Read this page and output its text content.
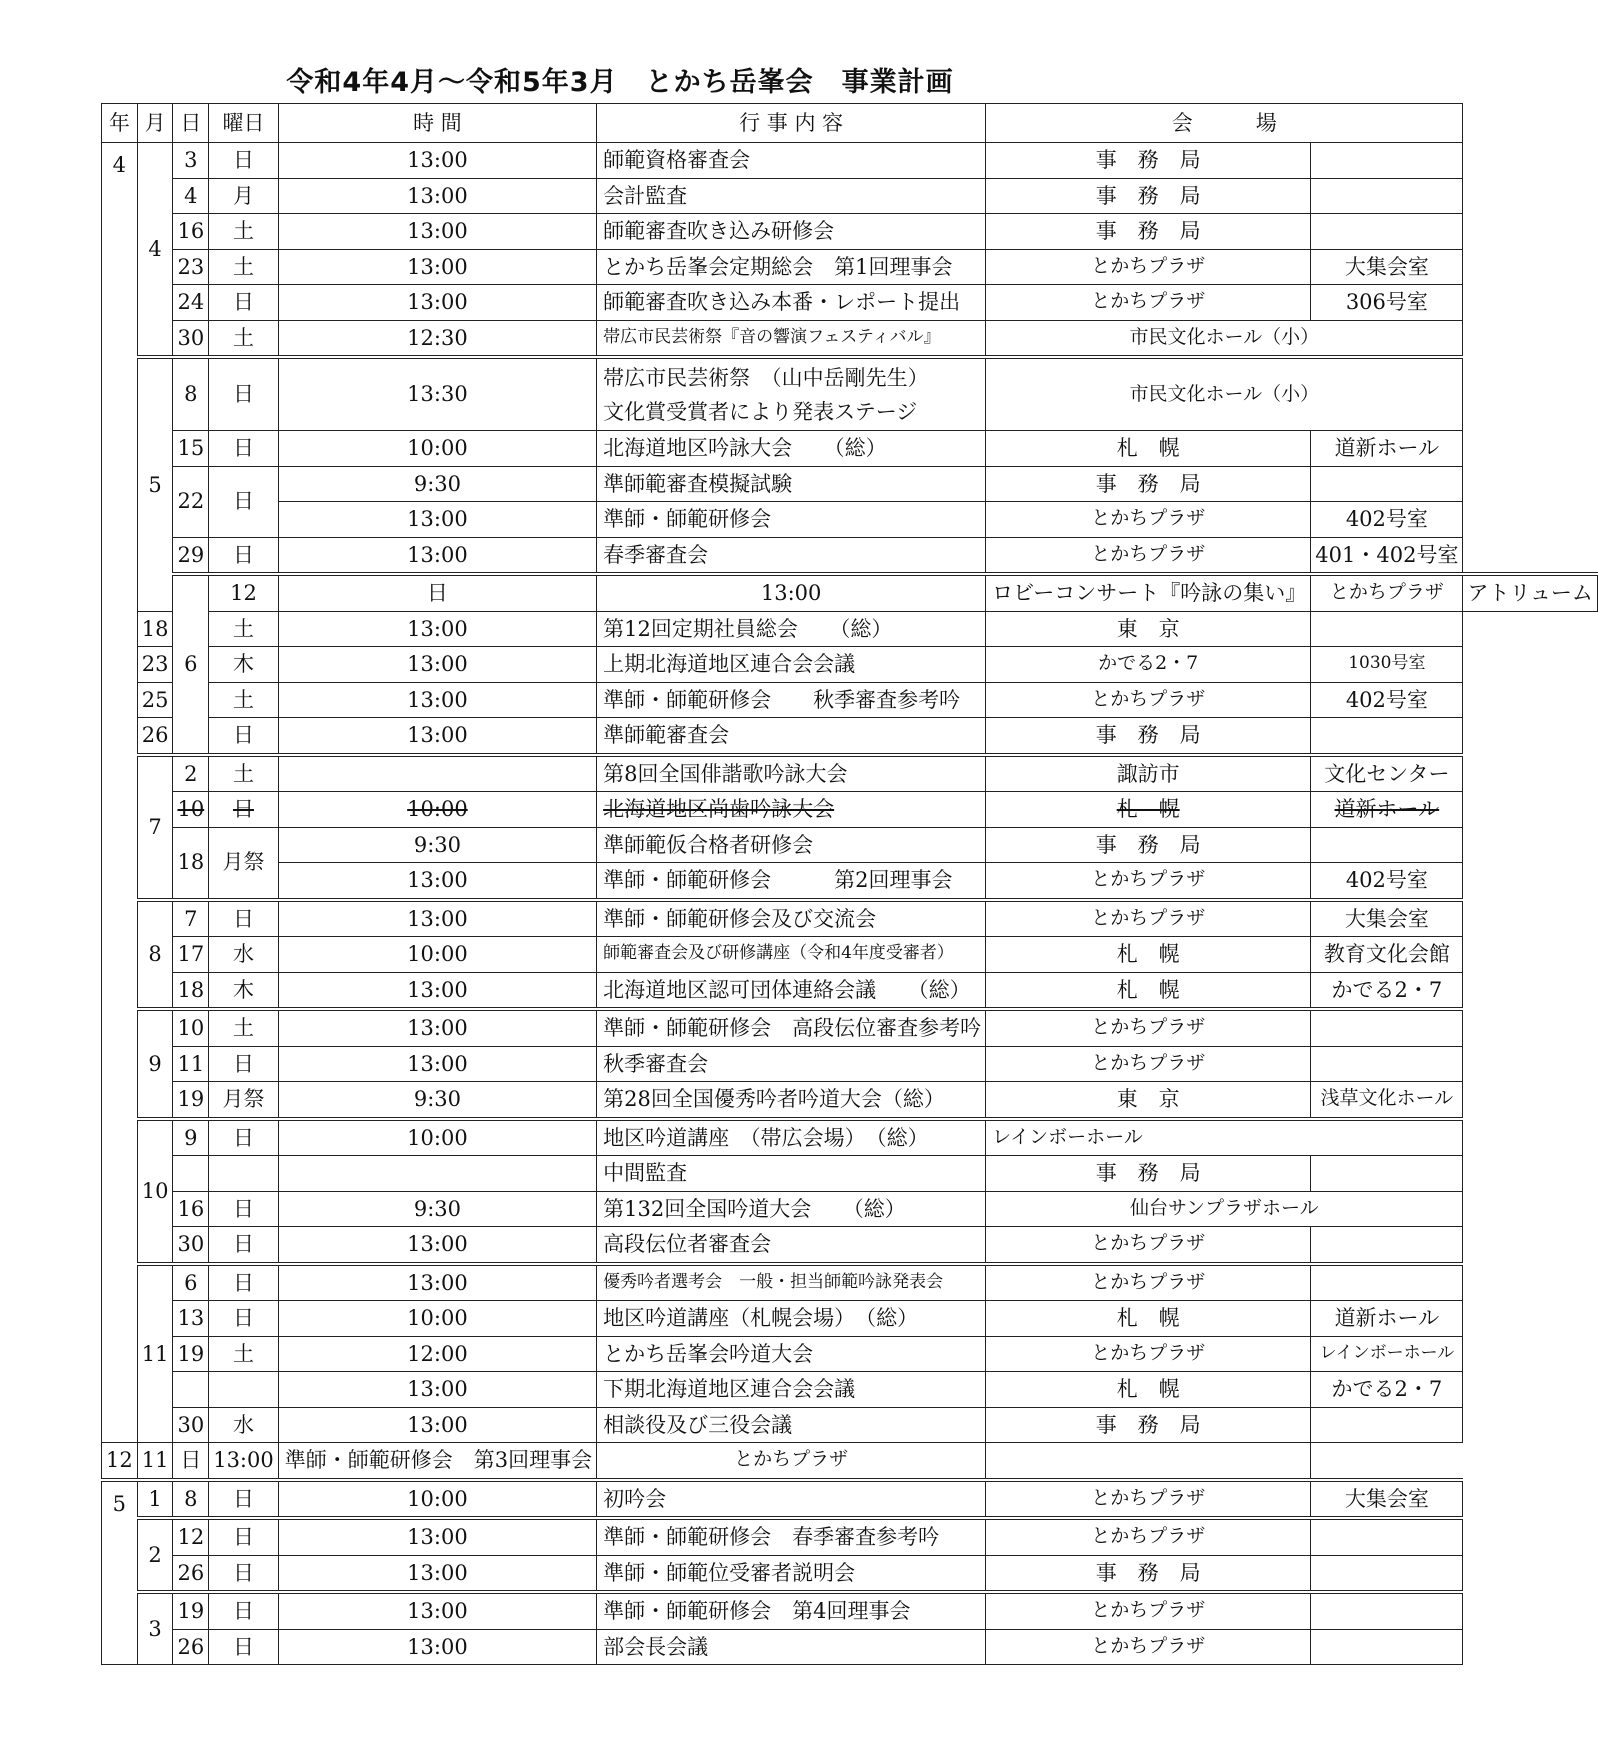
令和4年4月～令和5年3月　とかち岳峯会　事業計画
年	月	日	曜日	時 間	行 事 内 容	会　　　場		
4	4	3	日	13:00	師範資格審査会	事　務　局		
		4	月	13:00	会計監査	事　務　局		
		16	土	13:00	師範審査吹き込み研修会	事　務　局		
		23	土	13:00	とかち岳峯会定期総会　第1回理事会	とかちプラザ	大集会室	
		24	日	13:00	師範審査吹き込み本番・レポート提出	とかちプラザ	306号室	
		30	土	12:30	帯広市民芸術祭『音の響演フェスティバル』	市民文化ホール（小）		
	5	8	日	13:30	帯広市民芸術祭　（山中岳剛先生）
文化賞受賞者により発表ステージ	市民文化ホール（小）		
		15	日	10:00	北海道地区吟詠大会　　（総）	札　幌	道新ホール	
		22	日	9:30	準師範審査模擬試験	事　務　局		
				13:00	準師・師範研修会	とかちプラザ	402号室	
		29	日	13:00	春季審査会	とかちプラザ	401・402号室	
		6	12	日	13:00	ロビーコンサート『吟詠の集い』	とかちプラザ	アトリューム
	18		土	13:00	第12回定期社員総会　　（総）	東　京		
	23		木	13:00	上期北海道地区連合会会議	かでる2・7	1030号室	
	25		土	13:00	準師・師範研修会　　秋季審査参考吟	とかちプラザ	402号室	
	26		日	13:00	準師範審査会	事　務　局		
	7	2	土		第8回全国俳諧歌吟詠大会	諏訪市	文化センター	
		10	日	10:00	北海道地区尚歯吟詠大会	札　幌	道新ホール	
		18	月祭	9:30	準師範仮合格者研修会	事　務　局		
				13:00	準師・師範研修会　　　第2回理事会	とかちプラザ	402号室	
	8	7	日	13:00	準師・師範研修会及び交流会	とかちプラザ	大集会室	
		17	水	10:00	師範審査会及び研修講座（令和4年度受審者）	札　幌	教育文化会館	
		18	木	13:00	北海道地区認可団体連絡会議　　（総）	札　幌	かでる2・7	
	9	10	土	13:00	準師・師範研修会　高段伝位審査参考吟	とかちプラザ		
		11	日	13:00	秋季審査会	とかちプラザ		
		19	月祭	9:30	第28回全国優秀吟者吟道大会（総）	東　京	浅草文化ホール	
	10	9	日	10:00	地区吟道講座　（帯広会場）　（総）	レインボーホール		
					中間監査	事　務　局		
		16	日	9:30	第132回全国吟道大会　　（総）	仙台サンプラザホール		
		30	日	13:00	高段伝位者審査会	とかちプラザ		
	11	6	日	13:00	優秀吟者選考会　一般・担当師範吟詠発表会	とかちプラザ		
		13	日	10:00	地区吟道講座（札幌会場）　（総）	札　幌	道新ホール	
		19	土	12:00	とかち岳峯会吟道大会	とかちプラザ	レインボーホール	
				13:00	下期北海道地区連合会会議	札　幌	かでる2・7	
		30	水	13:00	相談役及び三役会議	事　務　局		
12	11	日	13:00	準師・師範研修会　第3回理事会	とかちプラザ			
5	1	8	日	10:00	初吟会	とかちプラザ	大集会室	
	2	12	日	13:00	準師・師範研修会　春季審査参考吟	とかちプラザ		
		26	日	13:00	準師・師範位受審者説明会	事　務　局		
	3	19	日	13:00	準師・師範研修会　第4回理事会	とかちプラザ		
		26	日	13:00	部会長会議	とかちプラザ		
